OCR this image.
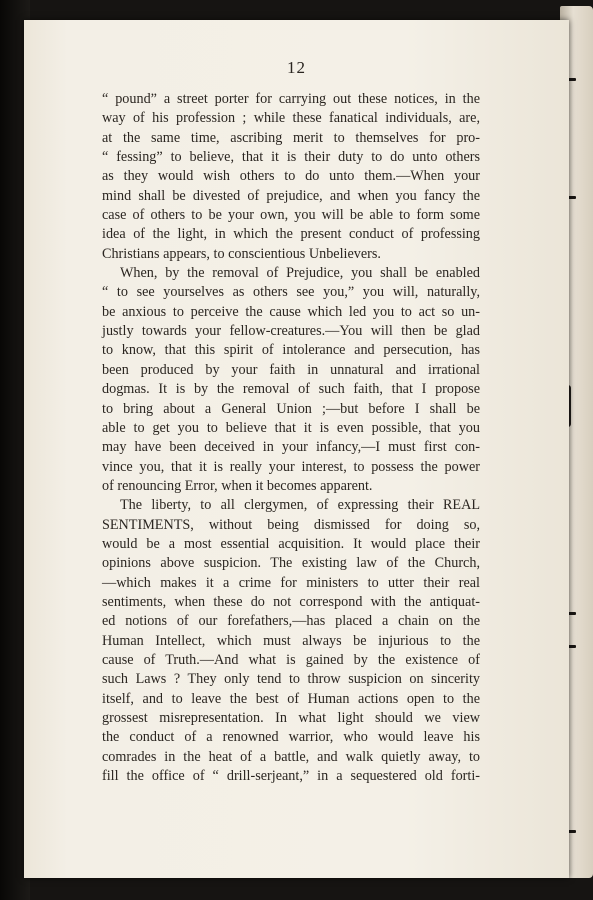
12
“ pound” a street porter for carrying out these notices, in the
way of his profession ; while these fanatical individuals, are,
at the same time, ascribing merit to themselves for pro-
“ fessing” to believe, that it is their duty to do unto others
as they would wish others to do unto them.—When your
mind shall be divested of prejudice, and when you fancy the
case of others to be your own, you will be able to form some
idea of the light, in which the present conduct of professing
Christians appears, to conscientious Unbelievers.
When, by the removal of Prejudice, you shall be enabled
“ to see yourselves as others see you,” you will, naturally,
be anxious to perceive the cause which led you to act so un-
justly towards your fellow-creatures.—You will then be glad
to know, that this spirit of intolerance and persecution, has
been produced by your faith in unnatural and irrational
dogmas. It is by the removal of such faith, that I propose
to bring about a General Union ;—but before I shall be
able to get you to believe that it is even possible, that you
may have been deceived in your infancy,—I must first con-
vince you, that it is really your interest, to possess the power
of renouncing Error, when it becomes apparent.
The liberty, to all clergymen, of expressing their REAL
SENTIMENTS, without being dismissed for doing so,
would be a most essential acquisition. It would place their
opinions above suspicion. The existing law of the Church,
—which makes it a crime for ministers to utter their real
sentiments, when these do not correspond with the antiquat-
ed notions of our forefathers,—has placed a chain on the
Human Intellect, which must always be injurious to the
cause of Truth.—And what is gained by the existence of
such Laws ? They only tend to throw suspicion on sincerity
itself, and to leave the best of Human actions open to the
grossest misrepresentation. In what light should we view
the conduct of a renowned warrior, who would leave his
comrades in the heat of a battle, and walk quietly away, to
fill the office of “ drill-serjeant,” in a sequestered old forti-
